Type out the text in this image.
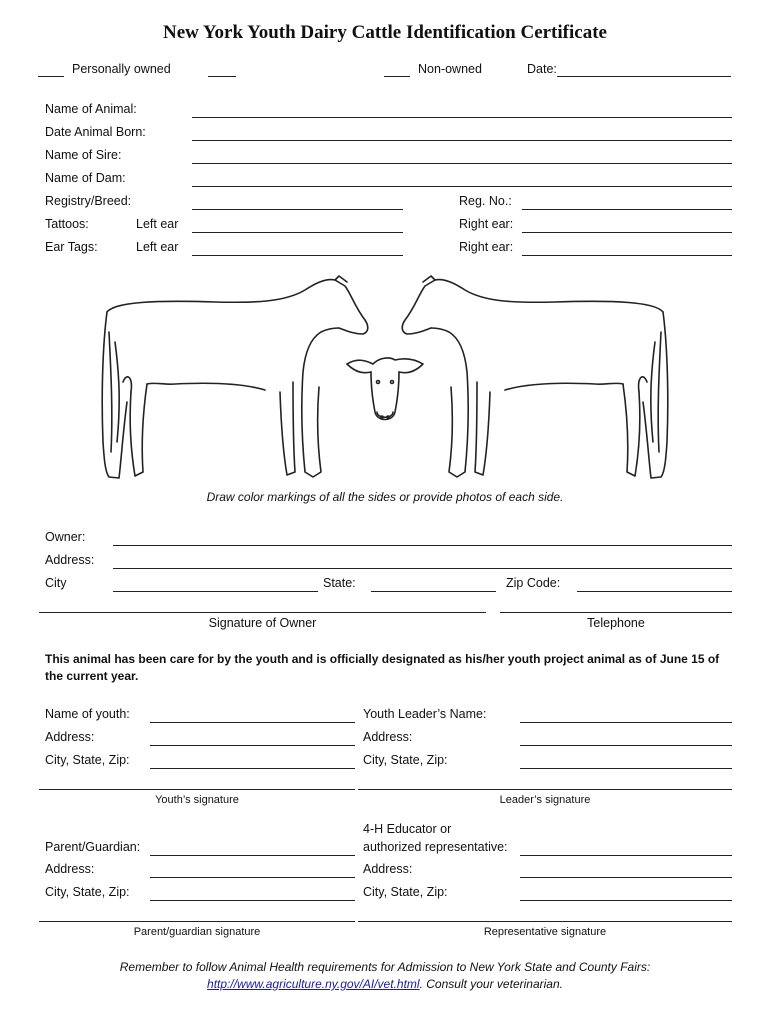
New York Youth Dairy Cattle Identification Certificate
Personally owned	Non-owned	Date:
Name of Animal:
Date Animal Born:
Name of Sire:
Name of Dam:
Registry/Breed:	Reg. No.:
Tattoos:	Left ear	Right ear:
Ear Tags:	Left ear	Right ear:
Draw color markings of all the sides or provide photos of each side.
Owner:
Address:
City	State:	Zip Code:
Signature of Owner	Telephone
This animal has been care for by the youth and is officially designated as his/her youth project animal as of June 15 of the current year.
Name of youth:	Youth Leader’s Name:
Address:	Address:
City, State, Zip:	City, State, Zip:
Youth’s signature	Leader’s signature
4-H Educator or
Parent/Guardian:	authorized representative:
Address:	Address:
City, State, Zip:	City, State, Zip:
Parent/guardian signature	Representative signature
Remember to follow Animal Health requirements for Admission to New York State and County Fairs:
http://www.agriculture.ny.gov/AI/vet.html. Consult your veterinarian.
